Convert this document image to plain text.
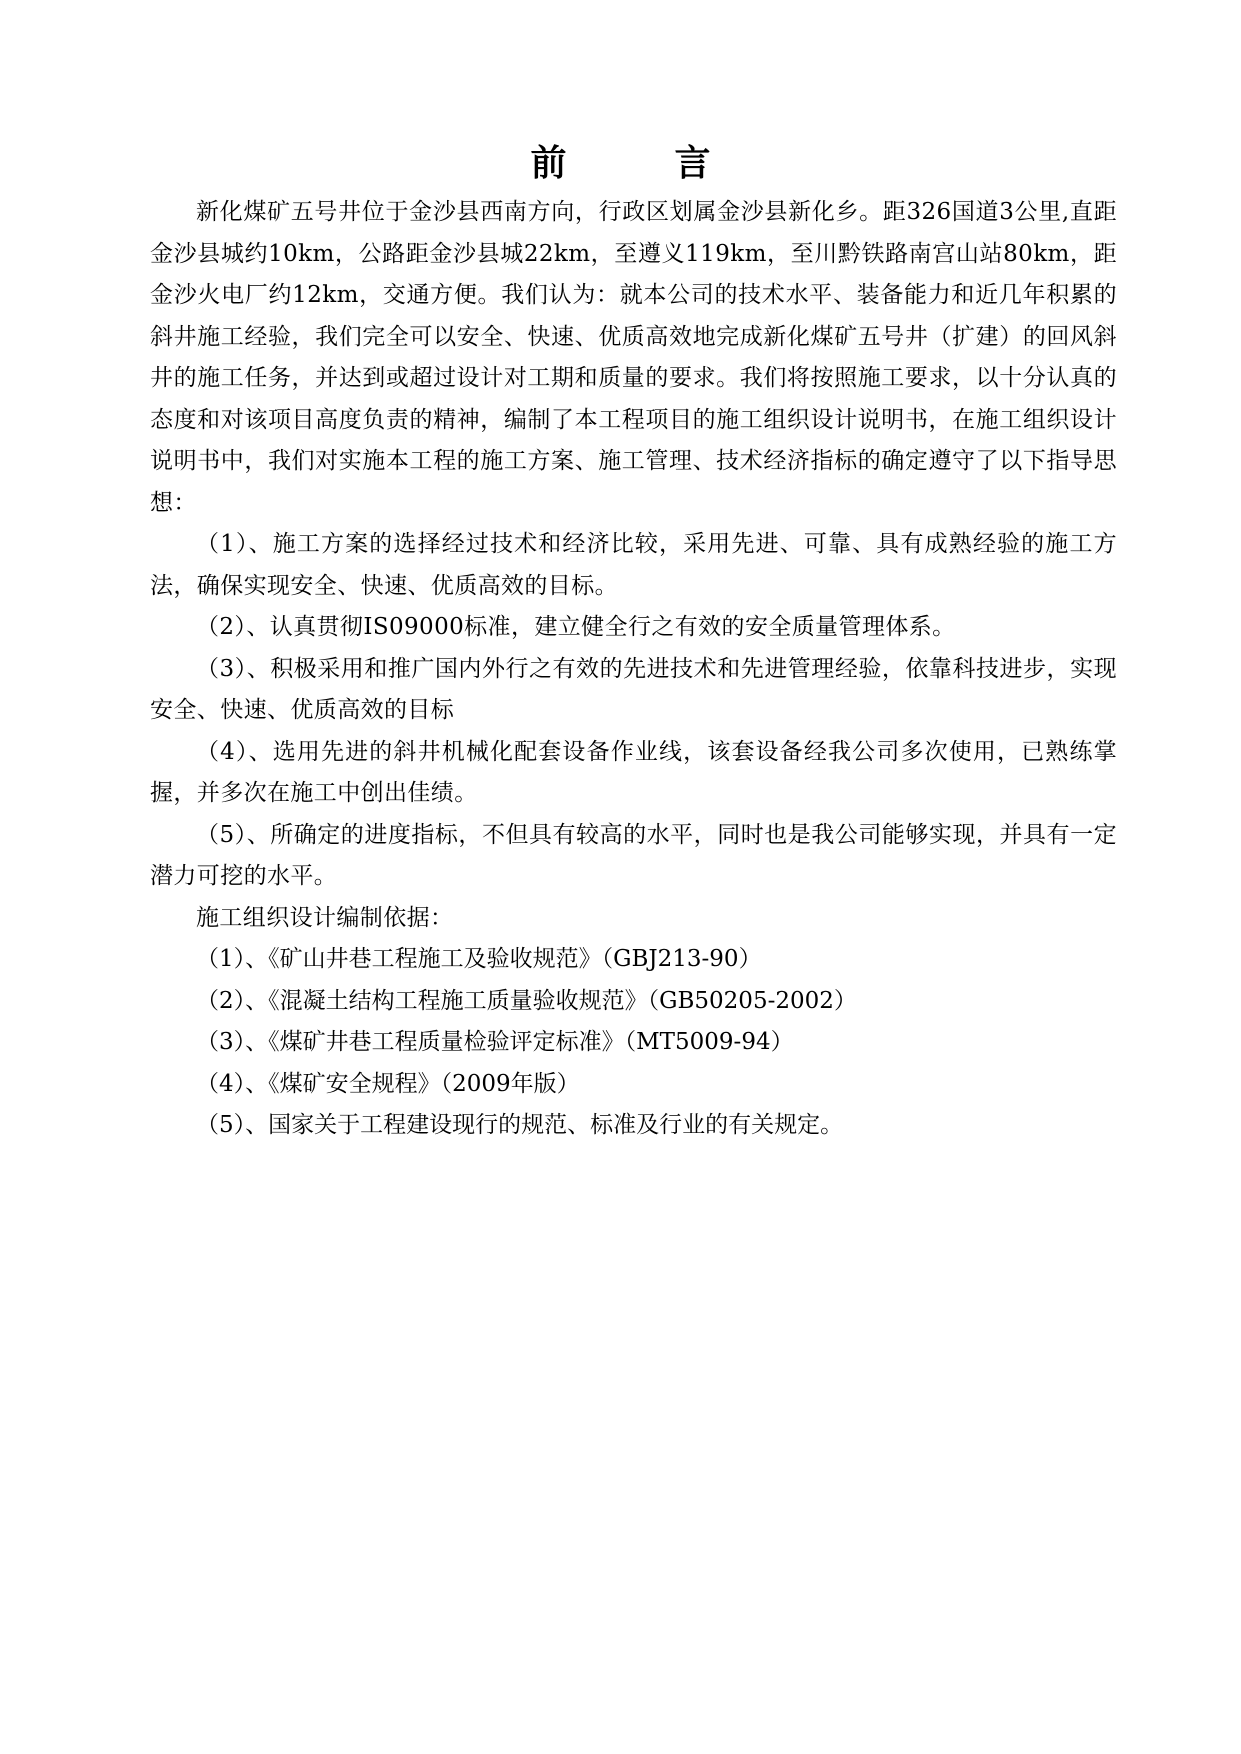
前言

新化煤矿五号井位于金沙县西南方向，行政区划属金沙县新化乡。距326国道3公里,直距金沙县城约10km，公路距金沙县城22km，至遵义119km，至川黔铁路南宫山站80km，距金沙火电厂约12km，交通方便。我们认为：就本公司的技术水平、装备能力和近几年积累的斜井施工经验，我们完全可以安全、快速、优质高效地完成新化煤矿五号井（扩建）的回风斜井的施工任务，并达到或超过设计对工期和质量的要求。我们将按照施工要求，以十分认真的态度和对该项目高度负责的精神，编制了本工程项目的施工组织设计说明书，在施工组织设计说明书中，我们对实施本工程的施工方案、施工管理、技术经济指标的确定遵守了以下指导思想：

（1）、施工方案的选择经过技术和经济比较，采用先进、可靠、具有成熟经验的施工方法，确保实现安全、快速、优质高效的目标。

（2）、认真贯彻IS09000标准，建立健全行之有效的安全质量管理体系。

（3）、积极采用和推广国内外行之有效的先进技术和先进管理经验，依靠科技进步，实现安全、快速、优质高效的目标

（4）、选用先进的斜井机械化配套设备作业线，该套设备经我公司多次使用，已熟练掌握，并多次在施工中创出佳绩。

（5）、所确定的进度指标，不但具有较高的水平，同时也是我公司能够实现，并具有一定潜力可挖的水平。

施工组织设计编制依据：

（1）、《矿山井巷工程施工及验收规范》（GBJ213-90）

（2）、《混凝土结构工程施工质量验收规范》（GB50205-2002）

（3）、《煤矿井巷工程质量检验评定标准》（MT5009-94）

（4）、《煤矿安全规程》（2009年版）

（5）、国家关于工程建设现行的规范、标准及行业的有关规定。
